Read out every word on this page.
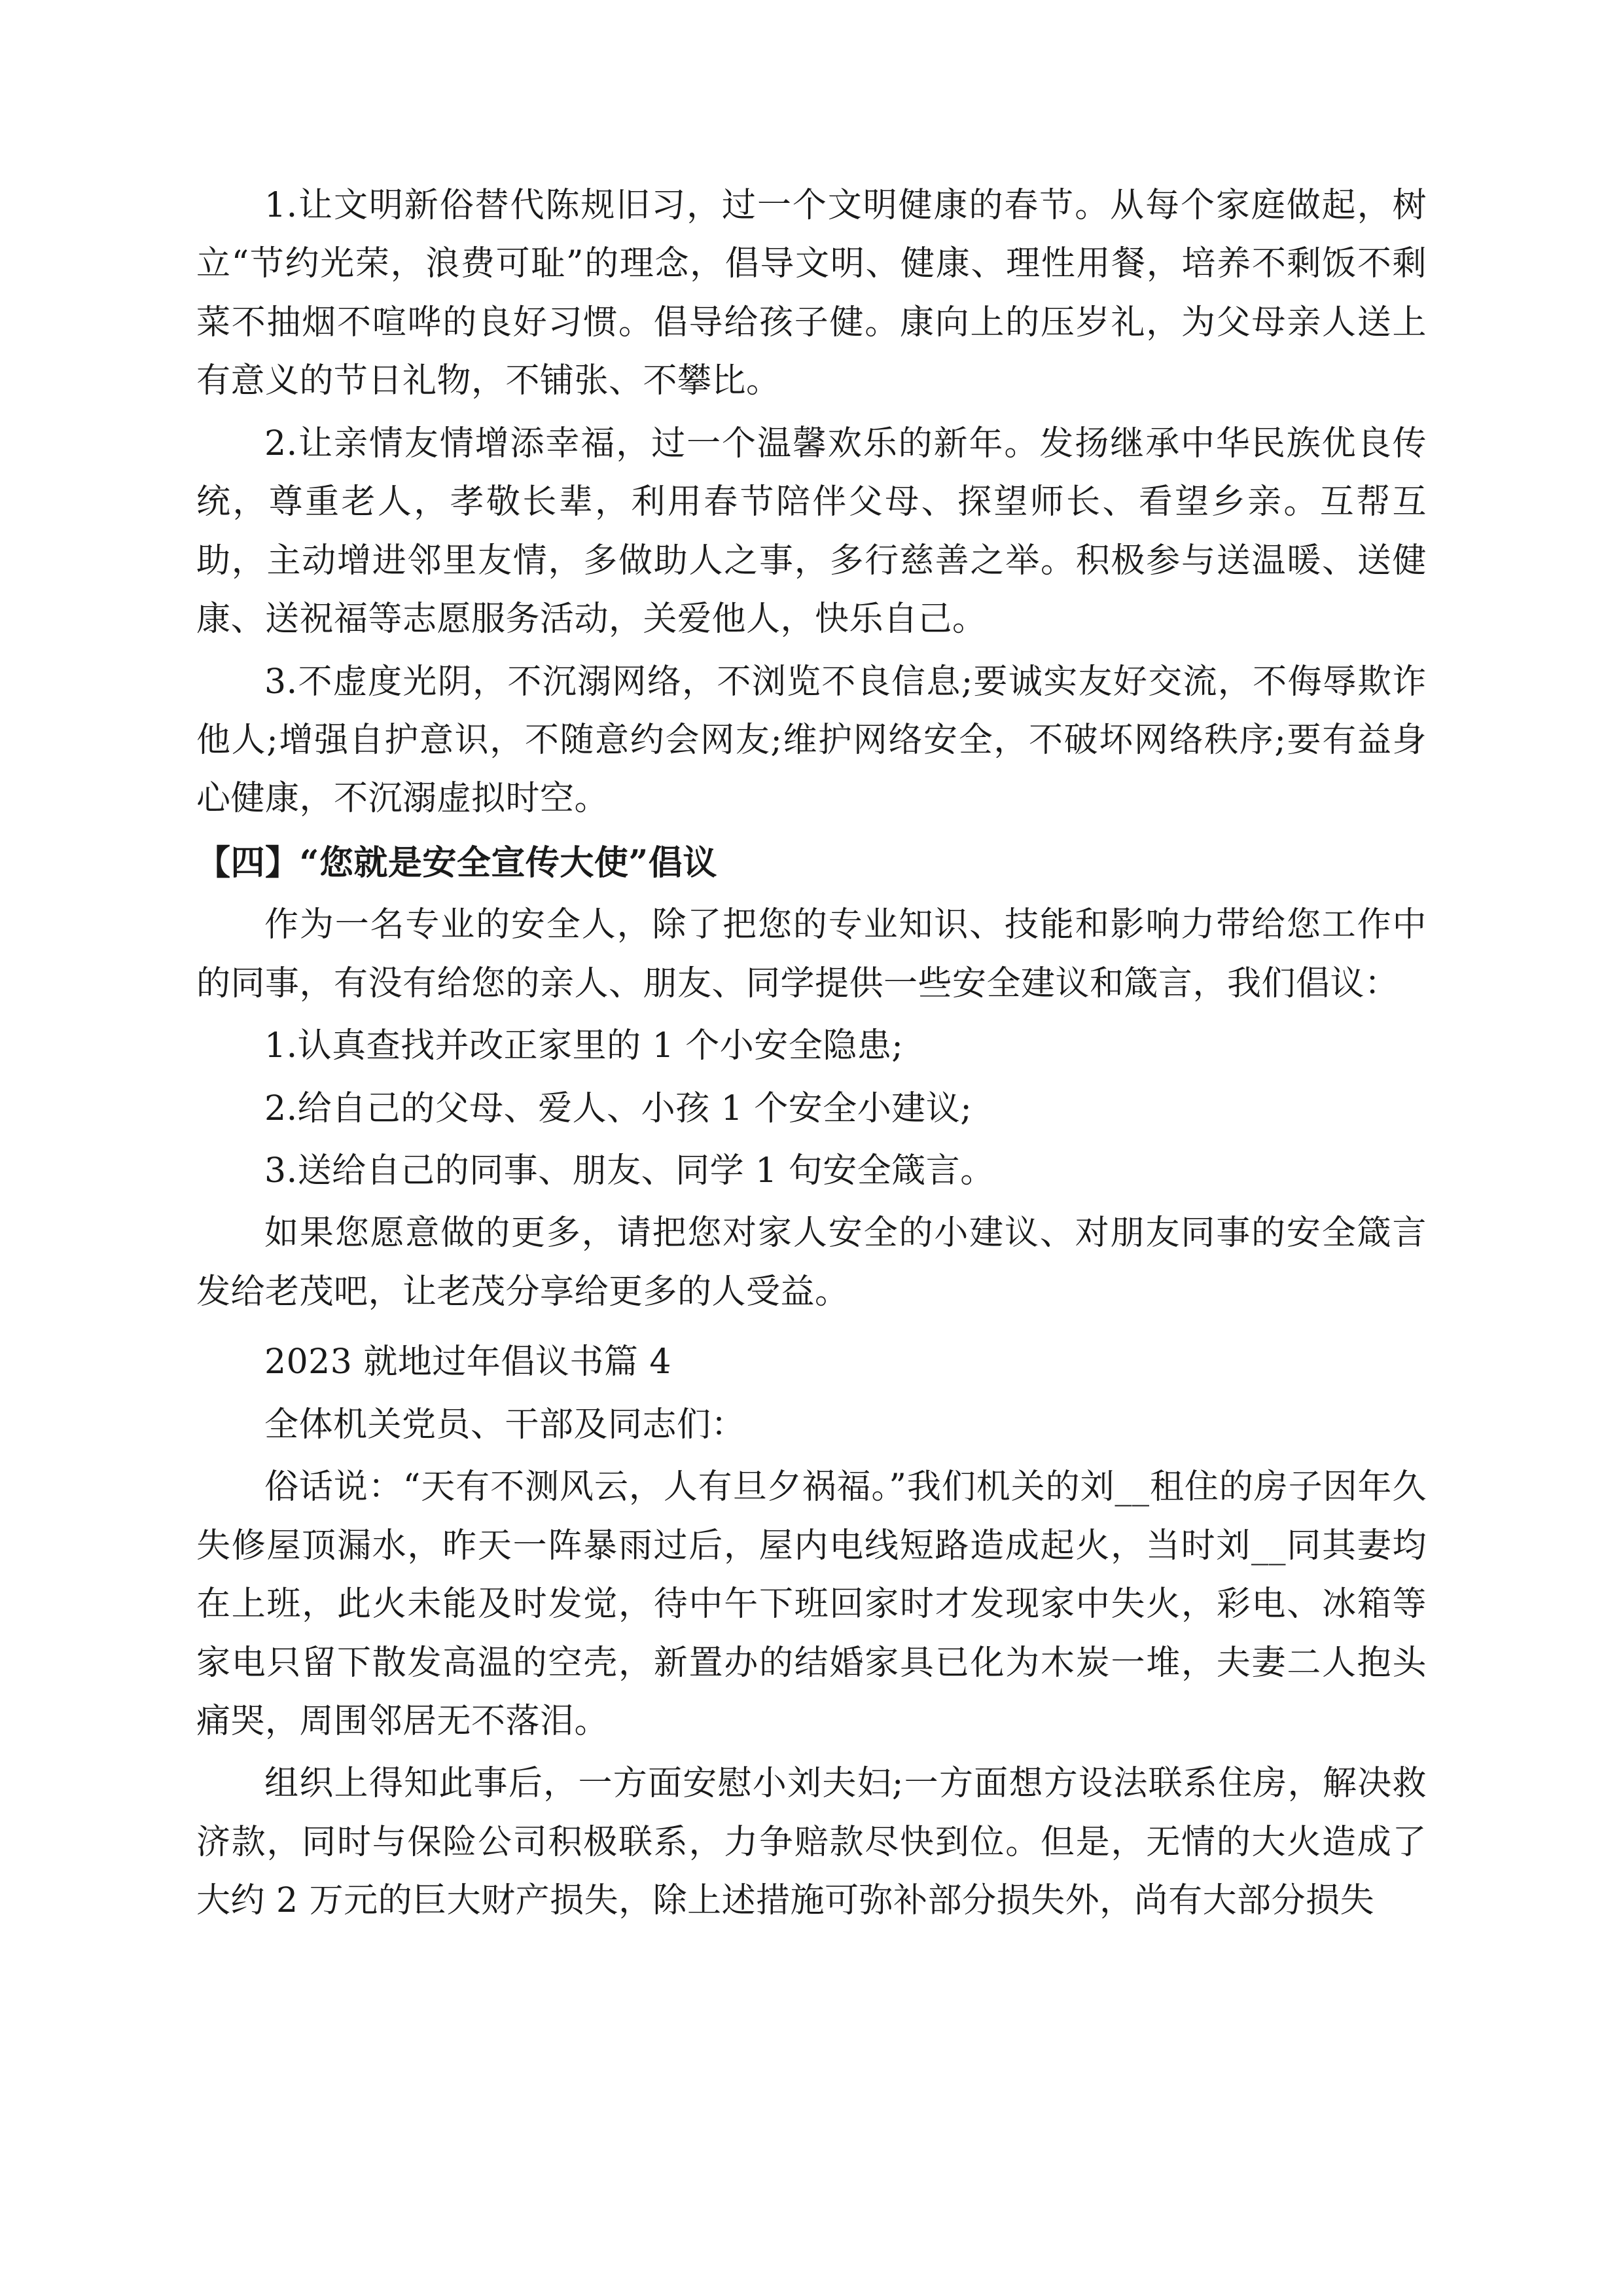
1.让文明新俗替代陈规旧习，过一个文明健康的春节。从每个家庭做起，树立“节约光荣，浪费可耻”的理念，倡导文明、健康、理性用餐，培养不剩饭不剩菜不抽烟不喧哗的良好习惯。倡导给孩子健。康向上的压岁礼，为父母亲人送上有意义的节日礼物，不铺张、不攀比。

2.让亲情友情增添幸福，过一个温馨欢乐的新年。发扬继承中华民族优良传统，尊重老人，孝敬长辈，利用春节陪伴父母、探望师长、看望乡亲。互帮互助，主动增进邻里友情，多做助人之事，多行慈善之举。积极参与送温暖、送健康、送祝福等志愿服务活动，关爱他人，快乐自己。

3.不虚度光阴，不沉溺网络，不浏览不良信息;要诚实友好交流，不侮辱欺诈他人;增强自护意识，不随意约会网友;维护网络安全，不破坏网络秩序;要有益身心健康，不沉溺虚拟时空。

【四】“您就是安全宣传大使”倡议

作为一名专业的安全人，除了把您的专业知识、技能和影响力带给您工作中的同事，有没有给您的亲人、朋友、同学提供一些安全建议和箴言，我们倡议：

1.认真查找并改正家里的 1 个小安全隐患;

2.给自己的父母、爱人、小孩 1 个安全小建议;

3.送给自己的同事、朋友、同学 1 句安全箴言。

如果您愿意做的更多，请把您对家人安全的小建议、对朋友同事的安全箴言发给老茂吧，让老茂分享给更多的人受益。

2023 就地过年倡议书篇 4

全体机关党员、干部及同志们：

俗话说：“天有不测风云，人有旦夕祸福。”我们机关的刘__租住的房子因年久失修屋顶漏水，昨天一阵暴雨过后，屋内电线短路造成起火，当时刘__同其妻均在上班，此火未能及时发觉，待中午下班回家时才发现家中失火，彩电、冰箱等家电只留下散发高温的空壳，新置办的结婚家具已化为木炭一堆，夫妻二人抱头痛哭，周围邻居无不落泪。

组织上得知此事后，一方面安慰小刘夫妇;一方面想方设法联系住房，解决救济款，同时与保险公司积极联系，力争赔款尽快到位。但是，无情的大火造成了大约 2 万元的巨大财产损失，除上述措施可弥补部分损失外，尚有大部分损失
